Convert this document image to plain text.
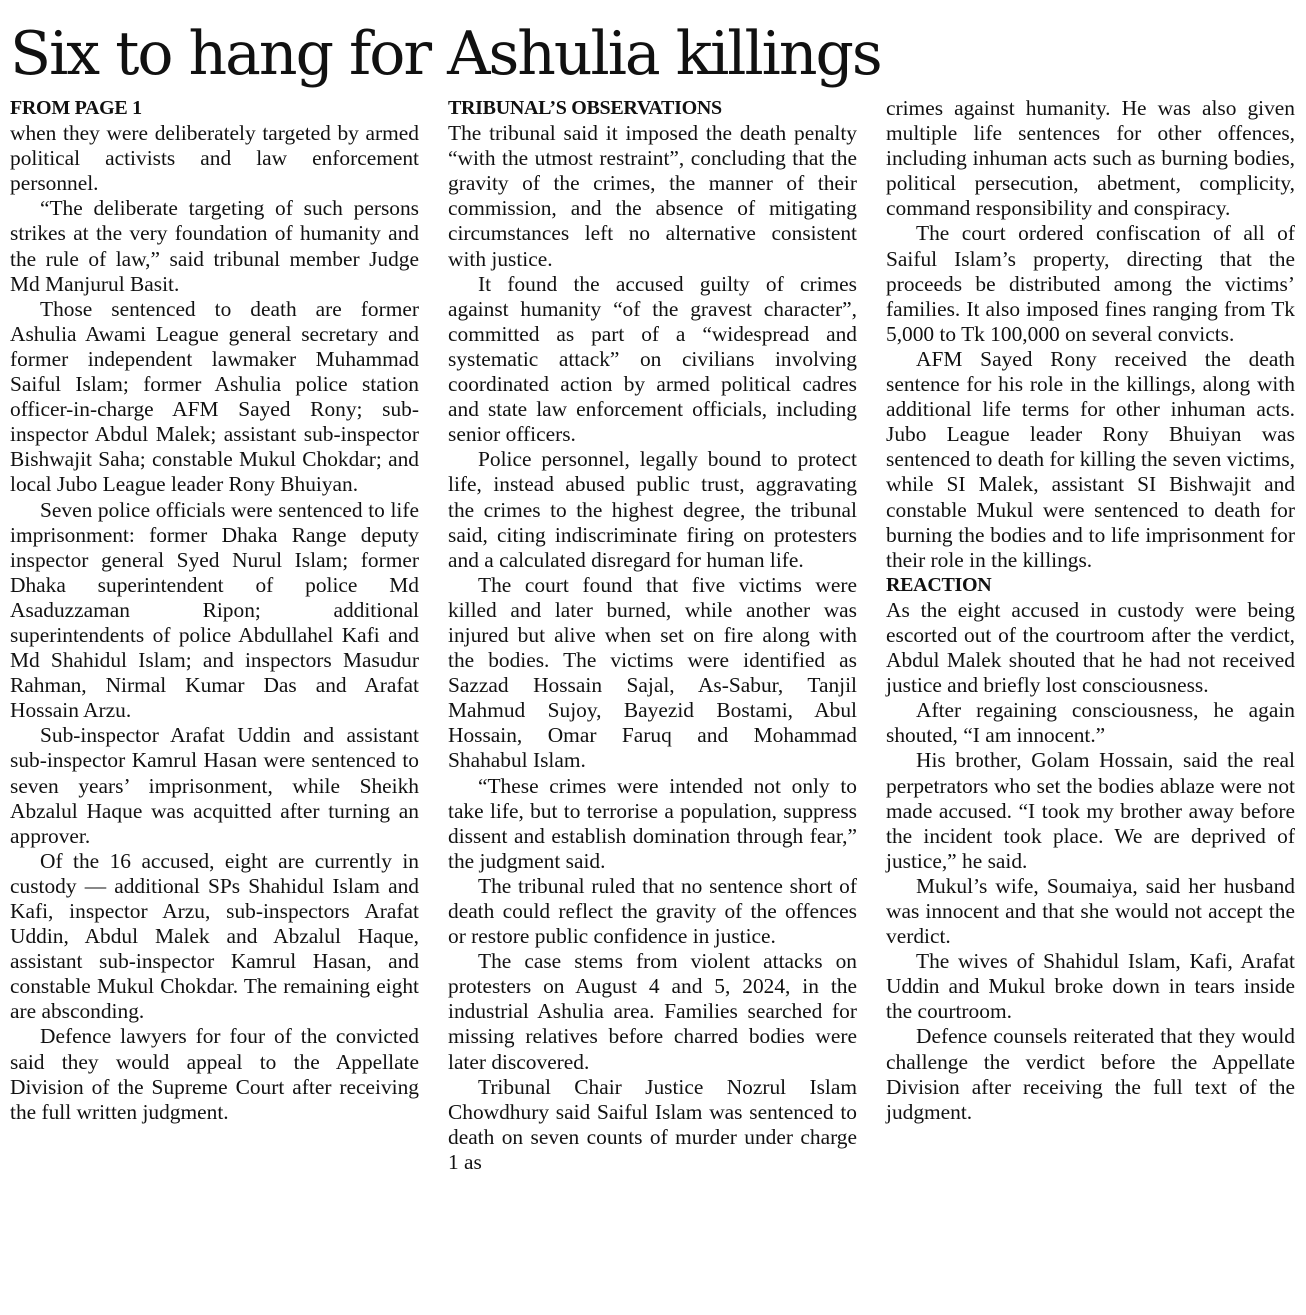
Six to hang for Ashulia killings
FROM PAGE 1

when they were deliberately targeted by armed political activists and law enforcement personnel.

“The deliberate targeting of such persons strikes at the very foundation of humanity and the rule of law,” said tribunal member Judge Md Manjurul Basit.

Those sentenced to death are former Ashulia Awami League general secretary and former independent lawmaker Muhammad Saiful Islam; former Ashulia police station officer-in-charge AFM Sayed Rony; sub-inspector Abdul Malek; assistant sub-inspector Bishwajit Saha; constable Mukul Chokdar; and local Jubo League leader Rony Bhuiyan.

Seven police officials were sentenced to life imprisonment: former Dhaka Range deputy inspector general Syed Nurul Islam; former Dhaka superintendent of police Md Asaduzzaman Ripon; additional superintendents of police Abdullahel Kafi and Md Shahidul Islam; and inspectors Masudur Rahman, Nirmal Kumar Das and Arafat Hossain Arzu.

Sub-inspector Arafat Uddin and assistant sub-inspector Kamrul Hasan were sentenced to seven years’ imprisonment, while Sheikh Abzalul Haque was acquitted after turning an approver.

Of the 16 accused, eight are currently in custody — additional SPs Shahidul Islam and Kafi, inspector Arzu, sub-inspectors Arafat Uddin, Abdul Malek and Abzalul Haque, assistant sub-inspector Kamrul Hasan, and constable Mukul Chokdar. The remaining eight are absconding.

Defence lawyers for four of the convicted said they would appeal to the Appellate Division of the Supreme Court after receiving the full written judgment.

TRIBUNAL’S OBSERVATIONS

The tribunal said it imposed the death penalty “with the utmost restraint”, concluding that the gravity of the crimes, the manner of their commission, and the absence of mitigating circumstances left no alternative consistent with justice.

It found the accused guilty of crimes against humanity “of the gravest character”, committed as part of a “widespread and systematic attack” on civilians involving coordinated action by armed political cadres and state law enforcement officials, including senior officers.

Police personnel, legally bound to protect life, instead abused public trust, aggravating the crimes to the highest degree, the tribunal said, citing indiscriminate firing on protesters and a calculated disregard for human life.

The court found that five victims were killed and later burned, while another was injured but alive when set on fire along with the bodies. The victims were identified as Sazzad Hossain Sajal, As-Sabur, Tanjil Mahmud Sujoy, Bayezid Bostami, Abul Hossain, Omar Faruq and Mohammad Shahabul Islam.

“These crimes were intended not only to take life, but to terrorise a population, suppress dissent and establish domination through fear,” the judgment said.

The tribunal ruled that no sentence short of death could reflect the gravity of the offences or restore public confidence in justice.

The case stems from violent attacks on protesters on August 4 and 5, 2024, in the industrial Ashulia area. Families searched for missing relatives before charred bodies were later discovered.

Tribunal Chair Justice Nozrul Islam Chowdhury said Saiful Islam was sentenced to death on seven counts of murder under charge 1 as

crimes against humanity. He was also given multiple life sentences for other offences, including inhuman acts such as burning bodies, political persecution, abetment, complicity, command responsibility and conspiracy.

The court ordered confiscation of all of Saiful Islam’s property, directing that the proceeds be distributed among the victims’ families. It also imposed fines ranging from Tk 5,000 to Tk 100,000 on several convicts.

AFM Sayed Rony received the death sentence for his role in the killings, along with additional life terms for other inhuman acts. Jubo League leader Rony Bhuiyan was sentenced to death for killing the seven victims, while SI Malek, assistant SI Bishwajit and constable Mukul were sentenced to death for burning the bodies and to life imprisonment for their role in the killings.

REACTION

As the eight accused in custody were being escorted out of the courtroom after the verdict, Abdul Malek shouted that he had not received justice and briefly lost consciousness.

After regaining consciousness, he again shouted, “I am innocent.”

His brother, Golam Hossain, said the real perpetrators who set the bodies ablaze were not made accused. “I took my brother away before the incident took place. We are deprived of justice,” he said.

Mukul’s wife, Soumaiya, said her husband was innocent and that she would not accept the verdict.

The wives of Shahidul Islam, Kafi, Arafat Uddin and Mukul broke down in tears inside the courtroom.

Defence counsels reiterated that they would challenge the verdict before the Appellate Division after receiving the full text of the judgment.
